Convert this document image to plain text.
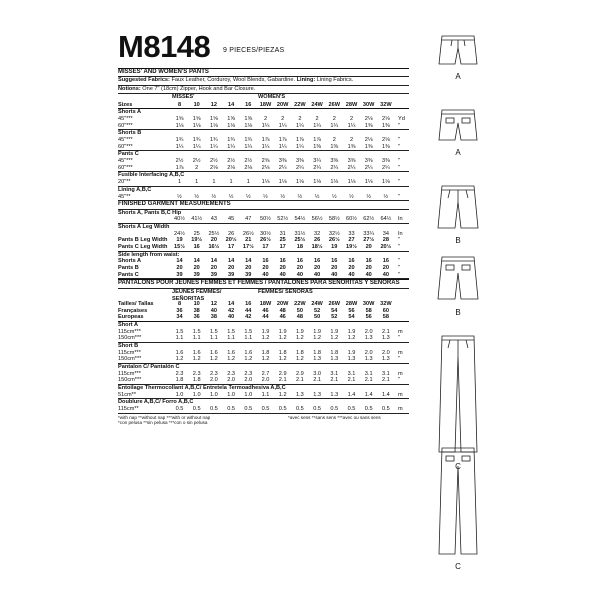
M8148 9 PIECES/PIEZAS
MISSES' AND WOMEN'S PANTS
Suggested Fabrics: Faux Leather, Corduroy, Wool Blends, Gabardine. Lining: Lining Fabrics.
Notions: One 7" (18cm) Zipper, Hook and Bar Closure.
MISSES'	WOMEN'S
Sizes	8	10	12	14	16	18W	20W	22W	24W	26W	28W	30W	32W
Shorts A
45"***	1⅝	1⅝	1⅝	1⅝	1⅝	2	2	2	2	2	2	2⅛	2⅛	Yd
60"***	1⅛	1⅛	1⅛	1⅛	1⅛	1¼	1¼	1¼	1¼	1¼	1¼	1⅜	1⅜	"
Shorts B
45"***	1¾	1¾	1¾	1¾	1¾	1⅞	1⅞	1⅞	1⅞	2	2	2⅛	2⅛	"
60"***	1¼	1¼	1¼	1¼	1¼	1¼	1¼	1¼	1⅜	1⅜	1⅜	1⅜	1⅜	"
Pants C
45"***	2½	2½	2½	2½	2½	2⅝	3⅜	3⅜	3¼	3⅜	3⅜	3⅜	3⅜	"
60"***	1⅞	2	2⅛	2⅛	2⅛	2⅛	2¼	2¼	2¼	2¼	2¼	2¼	2¼	"
Fusible Interfacing A,B,C
20"**	1	1	1	1	1	1⅛	1⅛	1⅛	1⅛	1⅛	1⅛	1⅛	1⅛	"
Lining A,B,C
45"**	½	½	½	½	½	½	½	½	½	½	½	½	½	"
FINISHED GARMENT MEASUREMENTS
Shorts A, Pants B,C Hip
40½	41½	43	45	47	50½	52½	54½	56½	58½	60½	62½	64½	In
Shorts A Leg Width
24½	25	25½	26	26½	30½	31	31½	32	32½	33	33¼	34	In
Pants B Leg Width	19	19½	20	20½	21	26½	25	25½	26	26½	27	27½	28	"
Pants C Leg Width	15½	16	16½	17	17½	17	17	18	18½	19	19½	20	20½	"
Side length from waist:
Shorts A	14	14	14	14	14	16	16	16	16	16	16	16	16	"
Pants B	20	20	20	20	20	20	20	20	20	20	20	20	20	"
Pants C	39	39	39	39	39	40	40	40	40	40	40	40	40	"
PANTALONS POUR JEUNES FEMMES ET FEMMES / PANTALONES PARA SEÑORITAS Y SEÑORAS
JEUNES FEMMES/ SEÑORITAS
FEMMES/ SEÑORAS
Tailles/ Tallas	8	10	12	14	16	18W	20W	22W	24W	26W	28W	30W	32W
Françaises	36	38	40	42	44	46	48	50	52	54	56	58	60
Europeas	34	36	38	40	42	44	46	48	50	52	54	56	58
Short A
115cm***	1.5	1.5	1.5	1.5	1.5	1.9	1.9	1.9	1.9	1.9	1.9	2.0	2.1	m
150cm***	1.1	1.1	1.1	1.1	1.1	1.2	1.2	1.2	1.2	1.2	1.2	1.3	1.3	"
Short B
115cm***	1.6	1.6	1.6	1.6	1.6	1.8	1.8	1.8	1.8	1.8	1.9	2.0	2.0	m
150cm***	1.2	1.2	1.2	1.2	1.2	1.2	1.2	1.2	1.3	1.3	1.3	1.3	1.3	"
Pantalon C/ Pantalón C
115cm***	2.3	2.3	2.3	2.3	2.3	2.7	2.9	2.9	3.0	3.1	3.1	3.1	3.1	m
150cm***	1.8	1.8	2.0	2.0	2.0	2.0	2.1	2.1	2.1	2.1	2.1	2.1	2.1	"
Entoilage Thermocollant A,B,C/ Entretela Termoadhesiva A,B,C
51cm**	1.0	1.0	1.0	1.0	1.0	1.1	1.2	1.3	1.3	1.3	1.4	1.4	1.4	m
Doublure A,B,C/ Forro A,B,C
115cm**	0.5	0.5	0.5	0.5	0.5	0.5	0.5	0.5	0.5	0.5	0.5	0.5	0.5	m
*with nap **without nap ***with or without nap
*con pelusa **sin pelusa ***con o sin pelusa
*avec sens **sans sens ***avec ou sans sens
A
A
B
B
C
C
